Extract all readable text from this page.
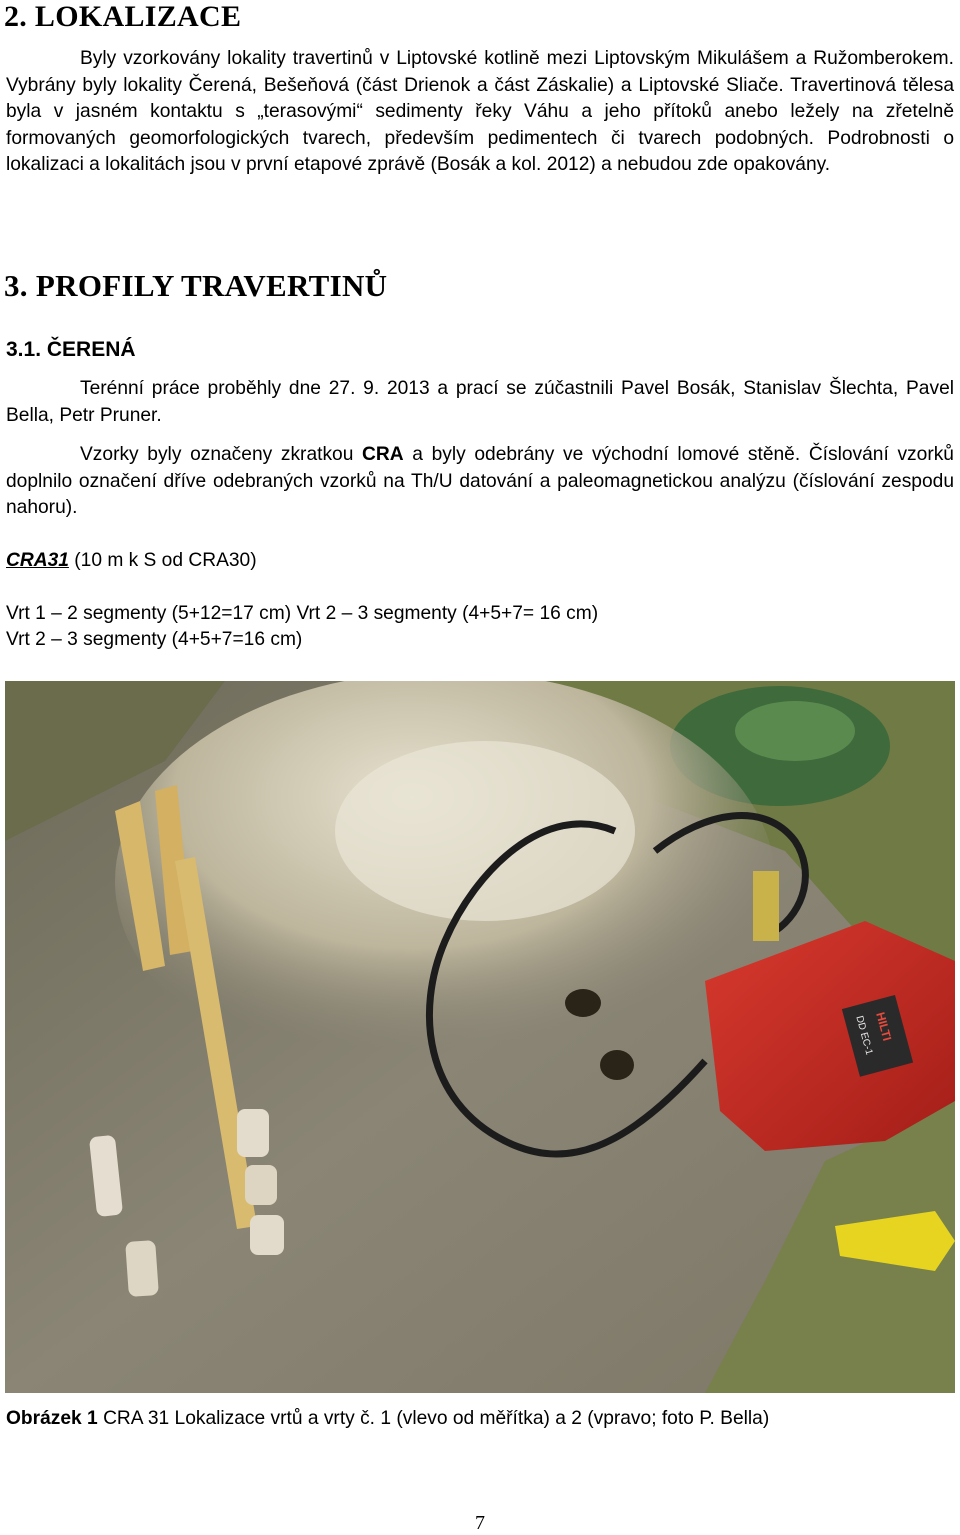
2. LOKALIZACE

Byly vzorkovány lokality travertinů v Liptovské kotlině mezi Liptovským Mikulášem a Ružomberokem. Vybrány byly lokality Čerená, Bešeňová (část Drienok a část Záskalie) a Liptovské Sliače. Travertinová tělesa byla v jasném kontaktu s „terasovými“ sedimenty řeky Váhu a jeho přítoků anebo ležely na zřetelně formovaných geomorfologických tvarech, především pedimentech či tvarech podobných. Podrobnosti o lokalizaci a lokalitách jsou v první etapové zprávě (Bosák a kol. 2012) a nebudou zde opakovány.

3. PROFILY TRAVERTINŮ
3.1. ČERENÁ

Terénní práce proběhly dne 27. 9. 2013 a prací se zúčastnili Pavel Bosák, Stanislav Šlechta, Pavel Bella, Petr Pruner.

Vzorky byly označeny zkratkou CRA a byly odebrány ve východní lomové stěně. Číslování vzorků doplnilo označení dříve odebraných vzorků na Th/U datování a paleomagnetickou analýzu (číslování zespodu nahoru).

CRA31 (10 m k S od CRA30)
Vrt 1 – 2 segmenty (5+12=17 cm) Vrt 2 – 3 segmenty (4+5+7= 16 cm)
Vrt 2 – 3 segmenty (4+5+7=16 cm)
HILTI
DD EC-1
Obrázek 1 CRA 31 Lokalizace vrtů a vrty č. 1 (vlevo od měřítka) a 2 (vpravo; foto P. Bella)
7
